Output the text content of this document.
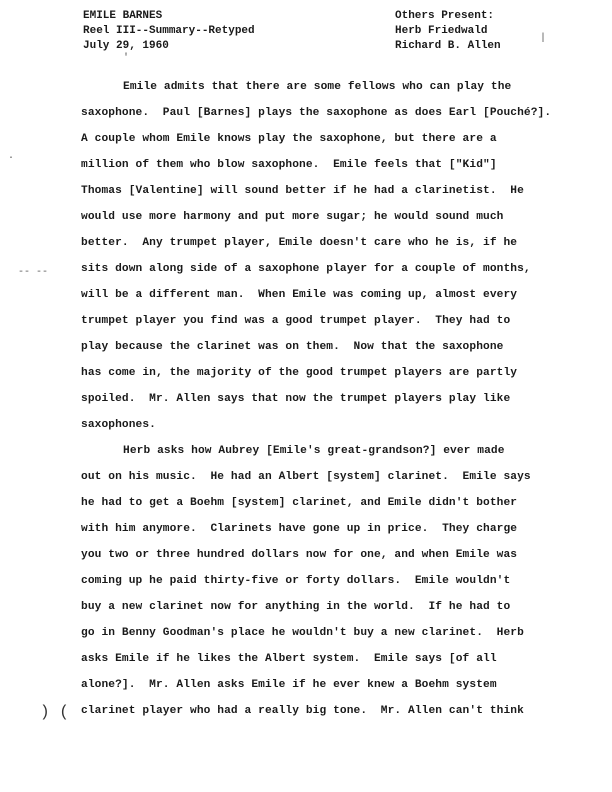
EMILE BARNES
Reel III--Summary--Retyped
July 29, 1960
Others Present:
Herb Friedwald
Richard B. Allen
|
'
.
-- --
) (
Emile admits that there are some fellows who can play the
saxophone.  Paul [Barnes] plays the saxophone as does Earl [Pouché?].
A couple whom Emile knows play the saxophone, but there are a
million of them who blow saxophone.  Emile feels that ["Kid"]
Thomas [Valentine] will sound better if he had a clarinetist.  He
would use more harmony and put more sugar; he would sound much
better.  Any trumpet player, Emile doesn't care who he is, if he
sits down along side of a saxophone player for a couple of months,
will be a different man.  When Emile was coming up, almost every
trumpet player you find was a good trumpet player.  They had to
play because the clarinet was on them.  Now that the saxophone
has come in, the majority of the good trumpet players are partly
spoiled.  Mr. Allen says that now the trumpet players play like
saxophones.
Herb asks how Aubrey [Emile's great-grandson?] ever made
out on his music.  He had an Albert [system] clarinet.  Emile says
he had to get a Boehm [system] clarinet, and Emile didn't bother
with him anymore.  Clarinets have gone up in price.  They charge
you two or three hundred dollars now for one, and when Emile was
coming up he paid thirty-five or forty dollars.  Emile wouldn't
buy a new clarinet now for anything in the world.  If he had to
go in Benny Goodman's place he wouldn't buy a new clarinet.  Herb
asks Emile if he likes the Albert system.  Emile says [of all
alone?].  Mr. Allen asks Emile if he ever knew a Boehm system
clarinet player who had a really big tone.  Mr. Allen can't think
